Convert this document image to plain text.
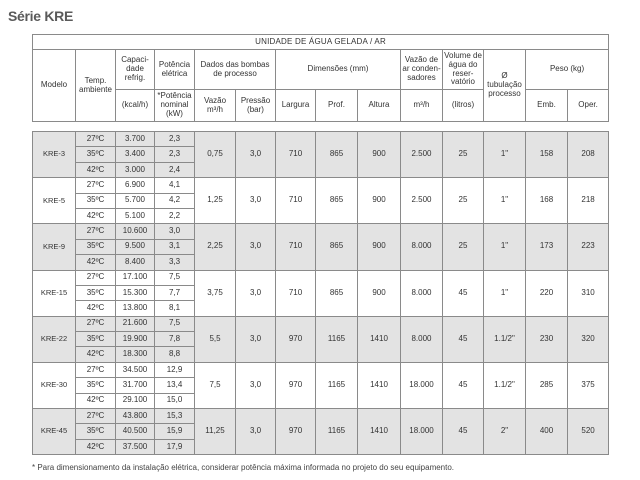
Série KRE
UNIDADE DE ÁGUA GELADA / AR													
Modelo	Temp. ambiente	Capaci-dade refrig.	Potência elétrica	Dados das bombas de processo		Dimensões (mm)			Vazão de ar conden-sadores	Volume de água do reser-vatório	Ø tubulação processo	Peso (kg)	
		(kcal/h)	*Potência nominal (kW)	Vazão m³/h	Pressão (bar)	Largura	Prof.	Altura	m³/h	(litros)		Emb.	Oper.

KRE-3	27ºC	3.700	2,3	0,75	3,0	710	865	900	2.500	25	1"	158	208
	35ºC	3.400	2,3										
	42ºC	3.000	2,4										
KRE-5	27ºC	6.900	4,1	1,25	3,0	710	865	900	2.500	25	1"	168	218
	35ºC	5.700	4,2										
	42ºC	5.100	2,2										
KRE-9	27ºC	10.600	3,0	2,25	3,0	710	865	900	8.000	25	1"	173	223
	35ºC	9.500	3,1										
	42ºC	8.400	3,3										
KRE-15	27ºC	17.100	7,5	3,75	3,0	710	865	900	8.000	45	1"	220	310
	35ºC	15.300	7,7										
	42ºC	13.800	8,1										
KRE-22	27ºC	21.600	7,5	5,5	3,0	970	1165	1410	8.000	45	1.1/2"	230	320
	35ºC	19.900	7,8										
	42ºC	18.300	8,8										
KRE-30	27ºC	34.500	12,9	7,5	3,0	970	1165	1410	18.000	45	1.1/2"	285	375
	35ºC	31.700	13,4										
	42ºC	29.100	15,0										
KRE-45	27ºC	43.800	15,3	11,25	3,0	970	1165	1410	18.000	45	2"	400	520
	35ºC	40.500	15,9										
	42ºC	37.500	17,9										
* Para dimensionamento da instalação elétrica, considerar potência máxima informada no projeto do seu equipamento.
